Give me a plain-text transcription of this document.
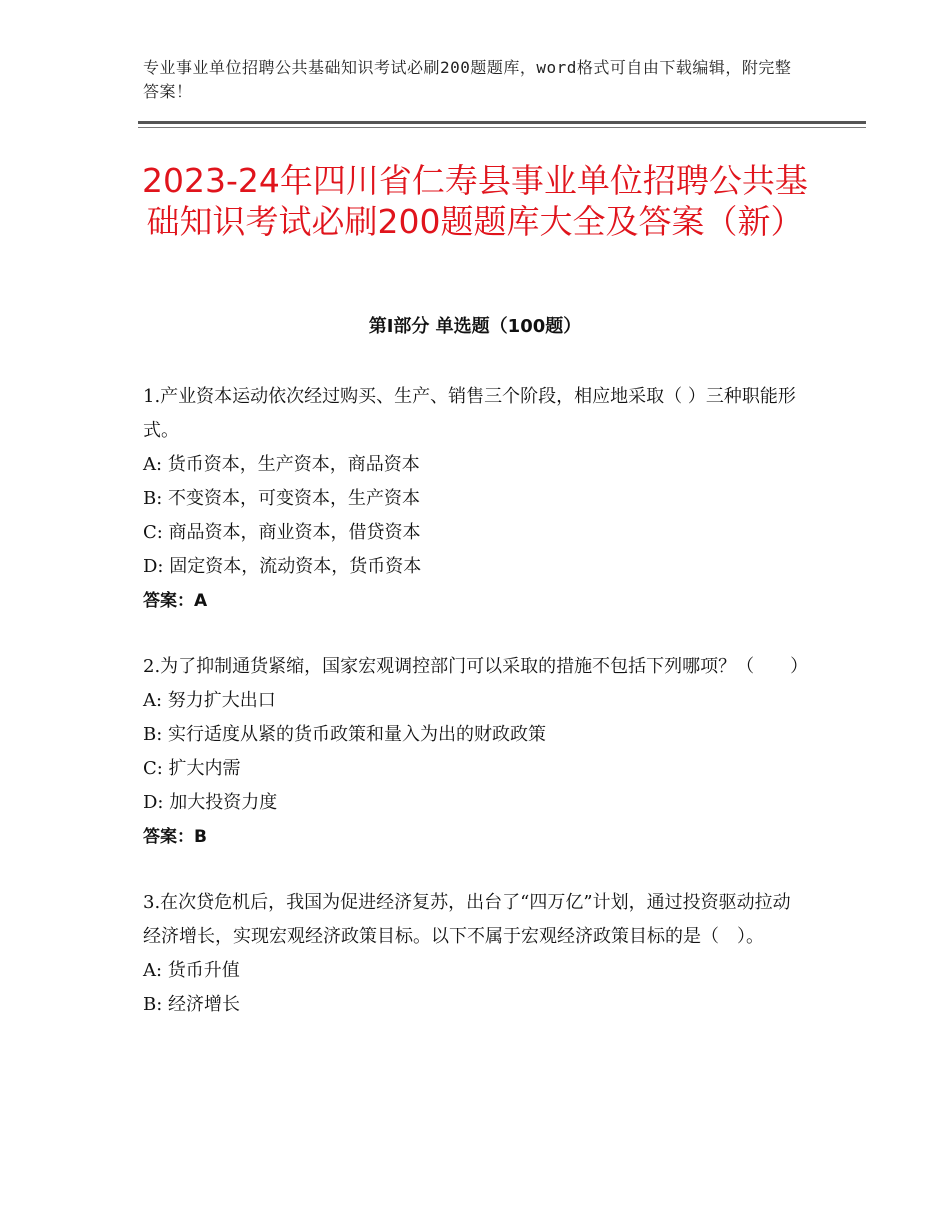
专业事业单位招聘公共基础知识考试必刷200题题库，word格式可自由下载编辑，附完整答案！
2023-24年四川省仁寿县事业单位招聘公共基础知识考试必刷200题题库大全及答案（新）
第I部分 单选题（100题）
1.产业资本运动依次经过购买、生产、销售三个阶段，相应地采取（ ）三种职能形式。
A: 货币资本，生产资本，商品资本
B: 不变资本，可变资本，生产资本
C: 商品资本，商业资本，借贷资本
D: 固定资本，流动资本，货币资本
答案：A
2.为了抑制通货紧缩，国家宏观调控部门可以采取的措施不包括下列哪项？（　　）
A: 努力扩大出口
B: 实行适度从紧的货币政策和量入为出的财政政策
C: 扩大内需
D: 加大投资力度
答案：B
3.在次贷危机后，我国为促进经济复苏，出台了“四万亿”计划，通过投资驱动拉动经济增长，实现宏观经济政策目标。以下不属于宏观经济政策目标的是（　）。
A: 货币升值
B: 经济增长
